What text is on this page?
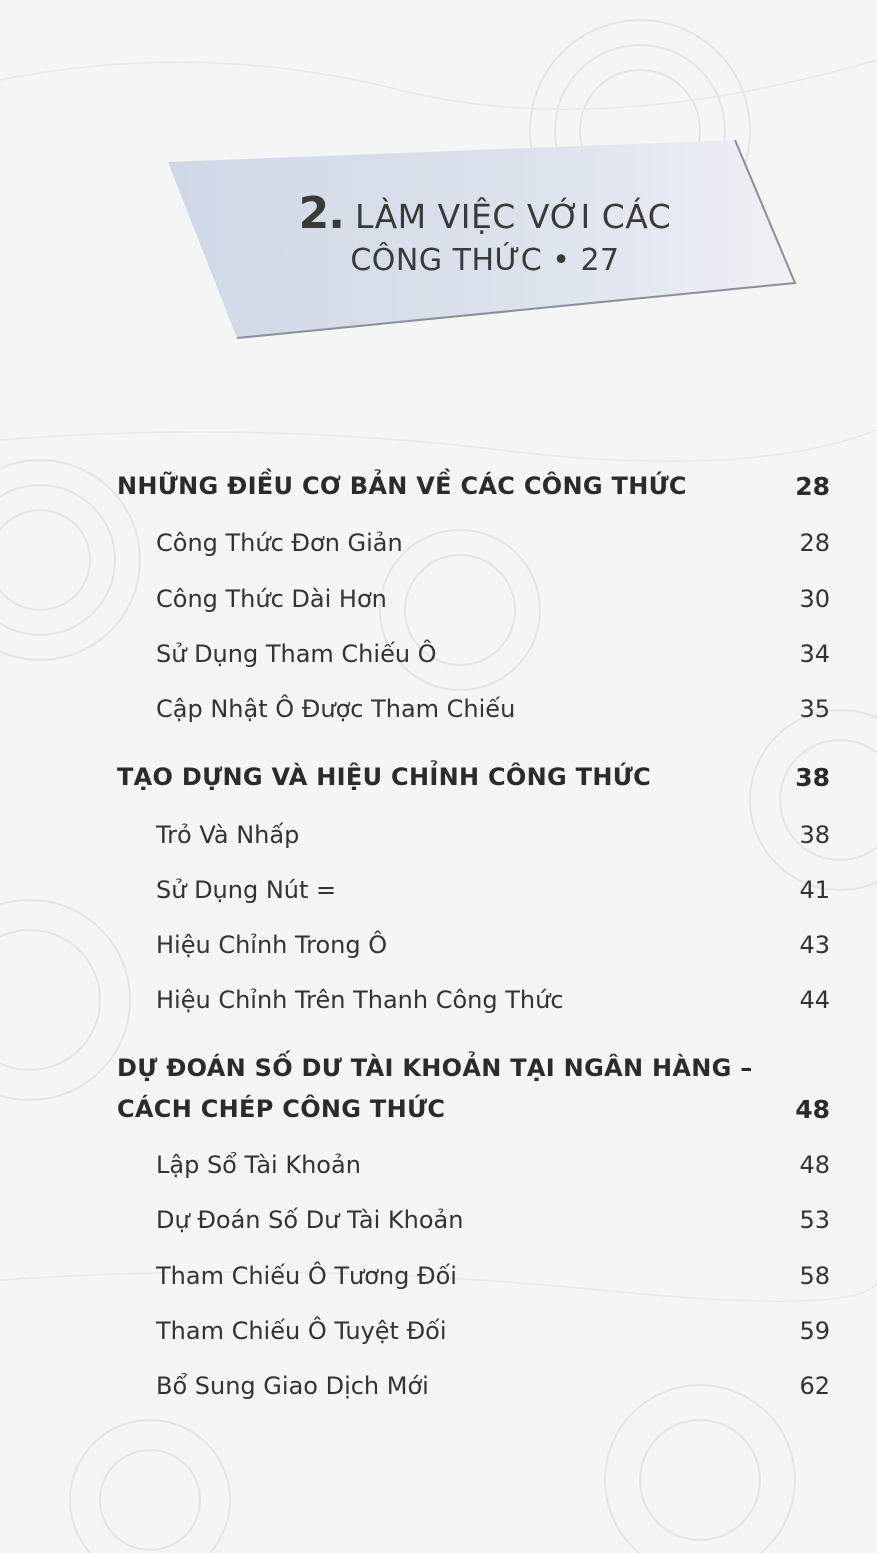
2. LÀM VIỆC VỚI CÁC
CÔNG THỨC • 27
NHỮNG ĐIỀU CƠ BẢN VỀ CÁC CÔNG THỨC	28
Công Thức Đơn Giản	28
Công Thức Dài Hơn	30
Sử Dụng Tham Chiếu Ô	34
Cập Nhật Ô Được Tham Chiếu	35
TẠO DỰNG VÀ HIỆU CHỈNH CÔNG THỨC	38
Trỏ Và Nhấp	38
Sử Dụng Nút =	41
Hiệu Chỉnh Trong Ô	43
Hiệu Chỉnh Trên Thanh Công Thức	44
DỰ ĐOÁN SỐ DƯ TÀI KHOẢN TẠI NGÂN HÀNG –
CÁCH CHÉP CÔNG THỨC	48
Lập Sổ Tài Khoản	48
Dự Đoán Số Dư Tài Khoản	53
Tham Chiếu Ô Tương Đối	58
Tham Chiếu Ô Tuyệt Đối	59
Bổ Sung Giao Dịch Mới	62
